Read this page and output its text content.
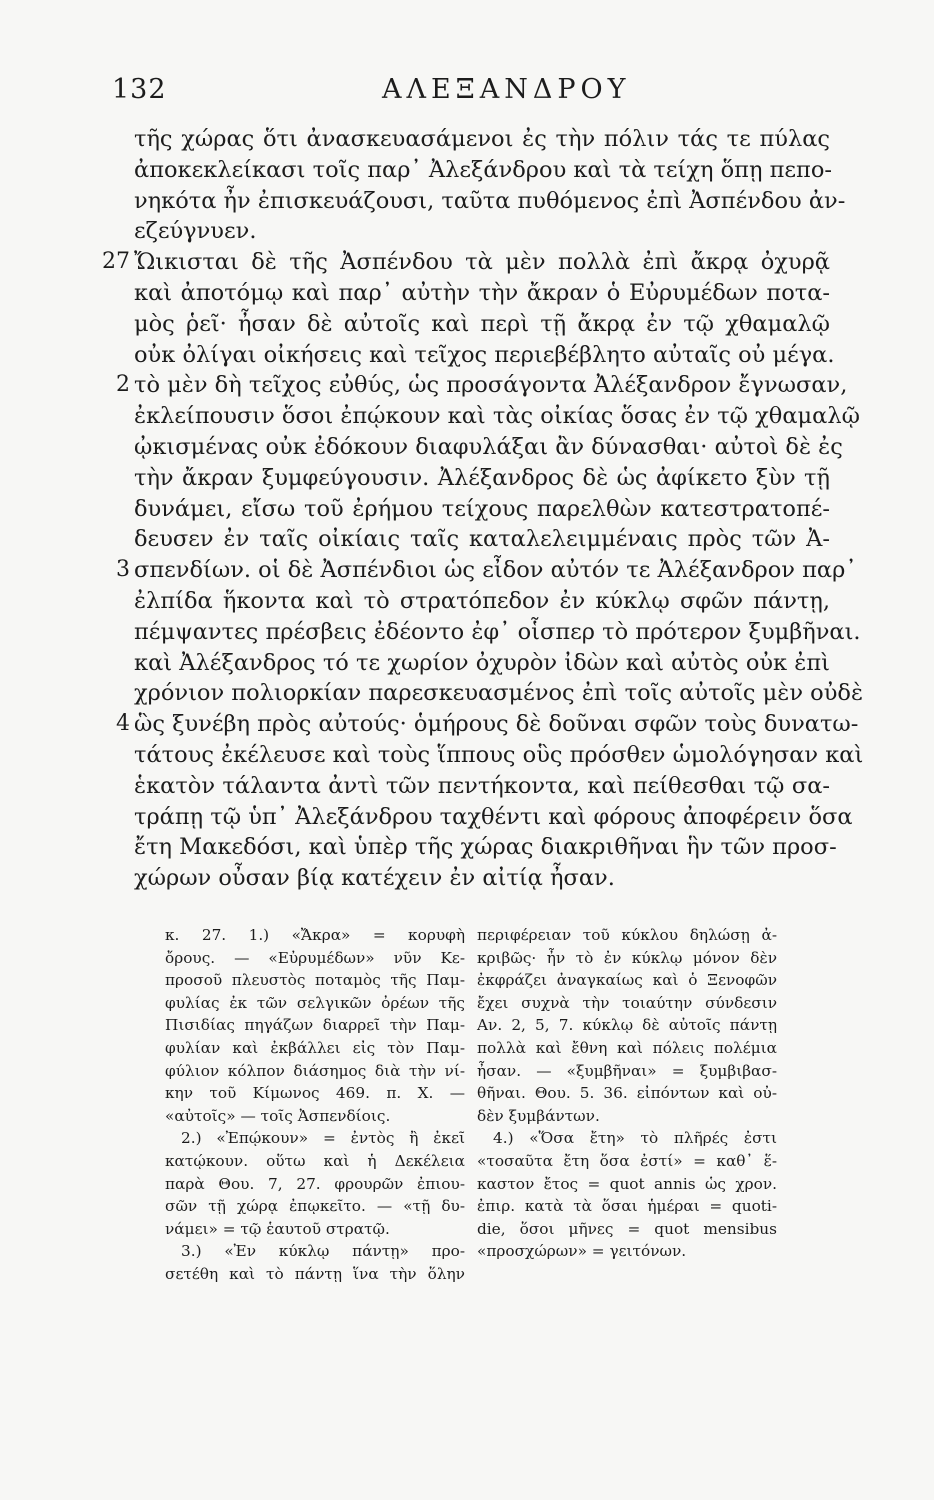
132	ΑΛΕΞΑΝΔΡΟΥ
τῆς χώρας ὅτι ἀνασκευασάμενοι ἐς τὴν πόλιν τάς τε πύλας
ἀποκεκλείκασι τοῖς παρ᾿ Ἀλεξάνδρου καὶ τὰ τείχη ὅπῃ πεπο-
νηκότα ἦν ἐπισκευάζουσι, ταῦτα πυθόμενος ἐπὶ Ἀσπένδου ἀν-
εζεύγνυεν.
27 Ὤικισται δὲ τῆς Ἀσπένδου τὰ μὲν πολλὰ ἐπὶ ἄκρᾳ ὀχυρᾷ
καὶ ἀποτόμῳ καὶ παρ᾿ αὐτὴν τὴν ἄκραν ὁ Εὐρυμέδων ποτα-
μὸς ῥεῖ· ἦσαν δὲ αὐτοῖς καὶ περὶ τῇ ἄκρᾳ ἐν τῷ χθαμαλῷ
οὐκ ὀλίγαι οἰκήσεις καὶ τεῖχος περιεβέβλητο αὐταῖς οὐ μέγα.
2 τὸ μὲν δὴ τεῖχος εὐθύς, ὡς προσάγοντα Ἀλέξανδρον ἔγνωσαν,
ἐκλείπουσιν ὅσοι ἐπῴκουν καὶ τὰς οἰκίας ὅσας ἐν τῷ χθαμαλῷ
ᾠκισμένας οὐκ ἐδόκουν διαφυλάξαι ἂν δύνασθαι· αὐτοὶ δὲ ἐς
τὴν ἄκραν ξυμφεύγουσιν. Ἀλέξανδρος δὲ ὡς ἀφίκετο ξὺν τῇ
δυνάμει, εἴσω τοῦ ἐρήμου τείχους παρελθὼν κατεστρατοπέ-
δευσεν ἐν ταῖς οἰκίαις ταῖς καταλελειμμέναις πρὸς τῶν Ἀ-
3 σπενδίων. οἱ δὲ Ἀσπένδιοι ὡς εἶδον αὐτόν τε Ἀλέξανδρον παρ᾿
ἐλπίδα ἥκοντα καὶ τὸ στρατόπεδον ἐν κύκλῳ σφῶν πάντῃ,
πέμψαντες πρέσβεις ἐδέοντο ἐφ᾿ οἷσπερ τὸ πρότερον ξυμβῆναι.
καὶ Ἀλέξανδρος τό τε χωρίον ὀχυρὸν ἰδὼν καὶ αὐτὸς οὐκ ἐπὶ
χρόνιον πολιορκίαν παρεσκευασμένος ἐπὶ τοῖς αὐτοῖς μὲν οὐδὲ
4 ὣς ξυνέβη πρὸς αὐτούς· ὁμήρους δὲ δοῦναι σφῶν τοὺς δυνατω-
τάτους ἐκέλευσε καὶ τοὺς ἵππους οὓς πρόσθεν ὡμολόγησαν καὶ
ἑκατὸν τάλαντα ἀντὶ τῶν πεντήκοντα, καὶ πείθεσθαι τῷ σα-
τράπῃ τῷ ὑπ᾿ Ἀλεξάνδρου ταχθέντι καὶ φόρους ἀποφέρειν ὅσα
ἔτη Μακεδόσι, καὶ ὑπὲρ τῆς χώρας διακριθῆναι ἣν τῶν προσ-
χώρων οὖσαν βίᾳ κατέχειν ἐν αἰτίᾳ ἦσαν.
κ. 27. 1.) «Ἄκρα» = κορυφὴ
ὄρους. — «Εὐρυμέδων» νῦν Κε-
προσοῦ πλευστὸς ποταμὸς τῆς Παμ-
φυλίας ἐκ τῶν σελγικῶν ὀρέων τῆς
Πισιδίας πηγάζων διαρρεῖ τὴν Παμ-
φυλίαν καὶ ἐκβάλλει εἰς τὸν Παμ-
φύλιον κόλπον διάσημος διὰ τὴν νί-
κην τοῦ Κίμωνος 469. π. Χ. —
«αὐτοῖς» — τοῖς Ἀσπενδίοις.
2.) «Ἐπῴκουν» = ἐντὸς ἢ ἐκεῖ
κατῴκουν. οὕτω καὶ ἡ Δεκέλεια
παρὰ Θου. 7, 27. φρουρῶν ἐπιου-
σῶν τῇ χώρᾳ ἐπῳκεῖτο. — «τῇ δυ-
νάμει» = τῷ ἑαυτοῦ στρατῷ.
3.) «Ἐν κύκλῳ πάντῃ» προ-
σετέθη καὶ τὸ πάντῃ ἵνα τὴν ὅλην
περιφέρειαν τοῦ κύκλου δηλώσῃ ἀ-
κριβῶς· ἦν τὸ ἐν κύκλῳ μόνον δὲν
ἐκφράζει ἀναγκαίως καὶ ὁ Ξενοφῶν
ἔχει συχνὰ τὴν τοιαύτην σύνδεσιν
Αν. 2, 5, 7. κύκλῳ δὲ αὐτοῖς πάντῃ
πολλὰ καὶ ἔθνη καὶ πόλεις πολέμια
ἦσαν. — «ξυμβῆναι» = ξυμβιβασ-
θῆναι. Θου. 5. 36. εἰπόντων καὶ οὐ-
δὲν ξυμβάντων.
4.) «Ὅσα ἔτη» τὸ πλῆρές ἐστι
«τοσαῦτα ἔτη ὅσα ἐστί» = καθ᾿ ἕ-
καστον ἔτος = quot annis ὡς χρον.
ἐπιρ. κατὰ τὰ ὅσαι ἡμέραι = quoti-
die, ὅσοι μῆνες = quot mensibus
«προσχώρων» = γειτόνων.
